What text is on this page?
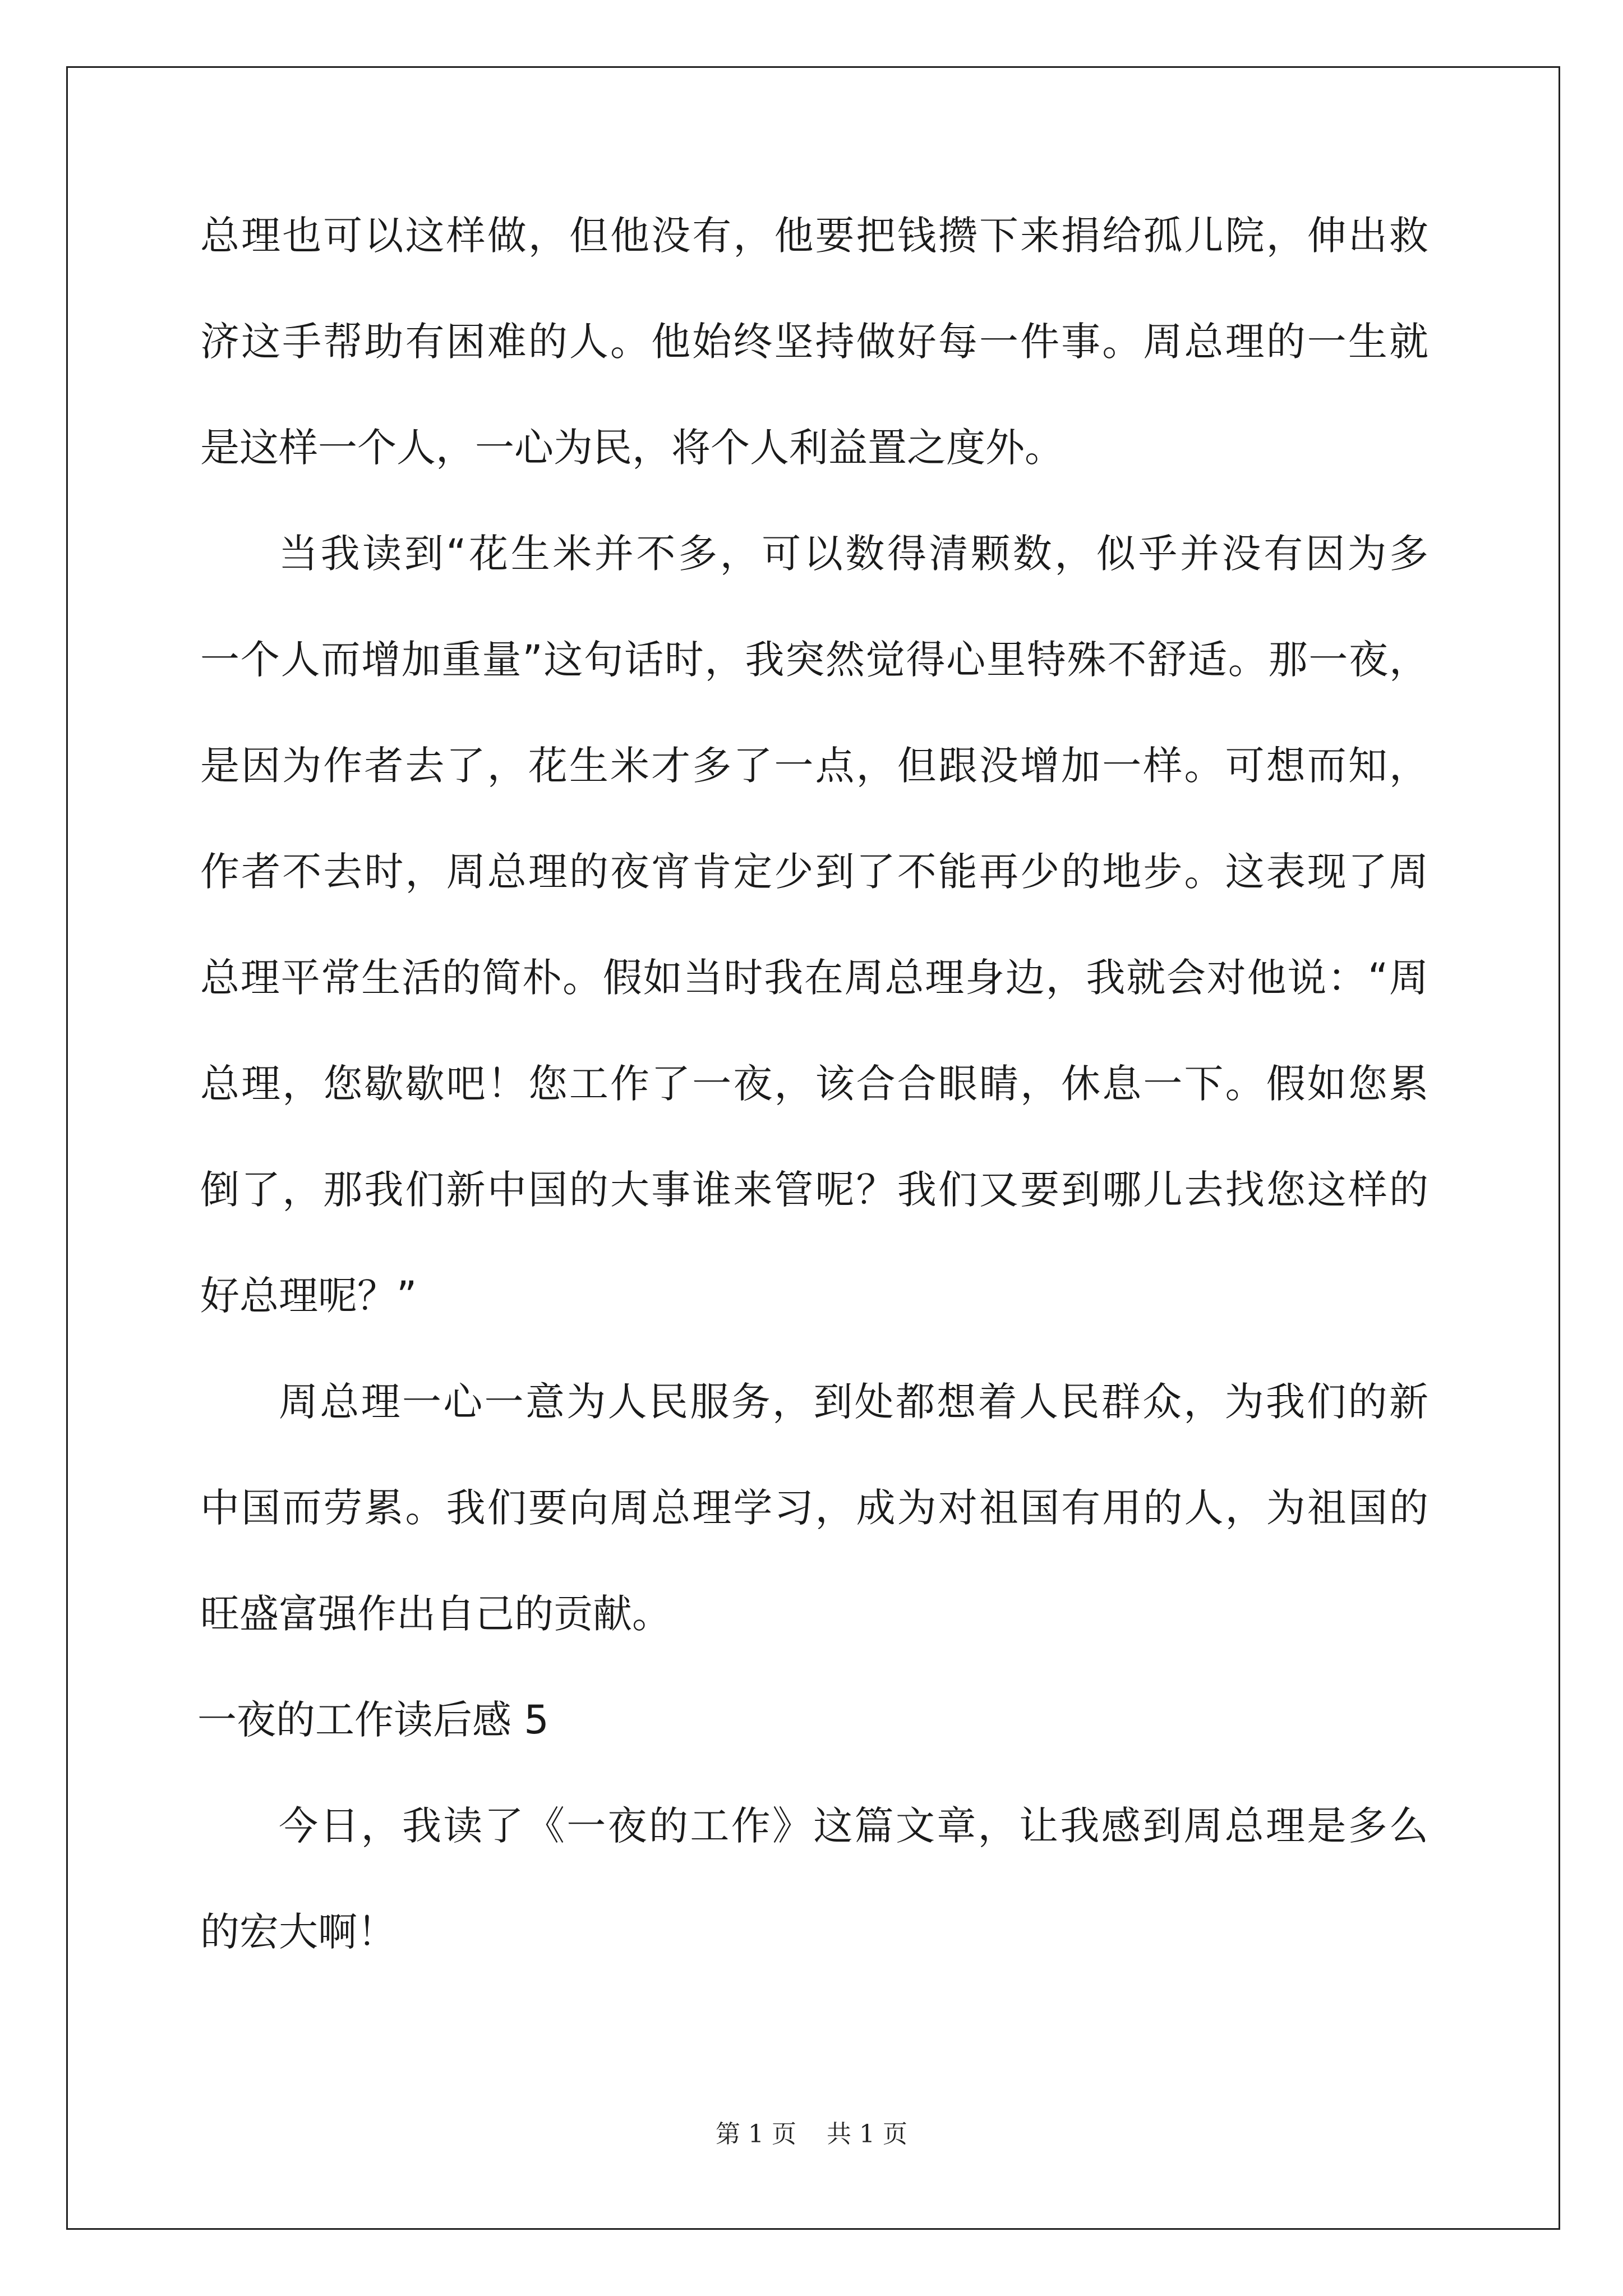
总理也可以这样做，但他没有，他要把钱攒下来捐给孤儿院，伸出救
济这手帮助有困难的人。他始终坚持做好每一件事。周总理的一生就
是这样一个人，一心为民，将个人利益置之度外。
当我读到“花生米并不多，可以数得清颗数，似乎并没有因为多
一个人而增加重量”这句话时，我突然觉得心里特殊不舒适。那一夜，
是因为作者去了，花生米才多了一点，但跟没增加一样。可想而知，
作者不去时，周总理的夜宵肯定少到了不能再少的地步。这表现了周
总理平常生活的简朴。假如当时我在周总理身边，我就会对他说：“周
总理，您歇歇吧！您工作了一夜，该合合眼睛，休息一下。假如您累
倒了，那我们新中国的大事谁来管呢？我们又要到哪儿去找您这样的
好总理呢？”
周总理一心一意为人民服务，到处都想着人民群众，为我们的新
中国而劳累。我们要向周总理学习，成为对祖国有用的人，为祖国的
旺盛富强作出自己的贡献。
一夜的工作读后感 5
今日，我读了《一夜的工作》这篇文章，让我感到周总理是多么
的宏大啊！
第 1 页 共 1 页
